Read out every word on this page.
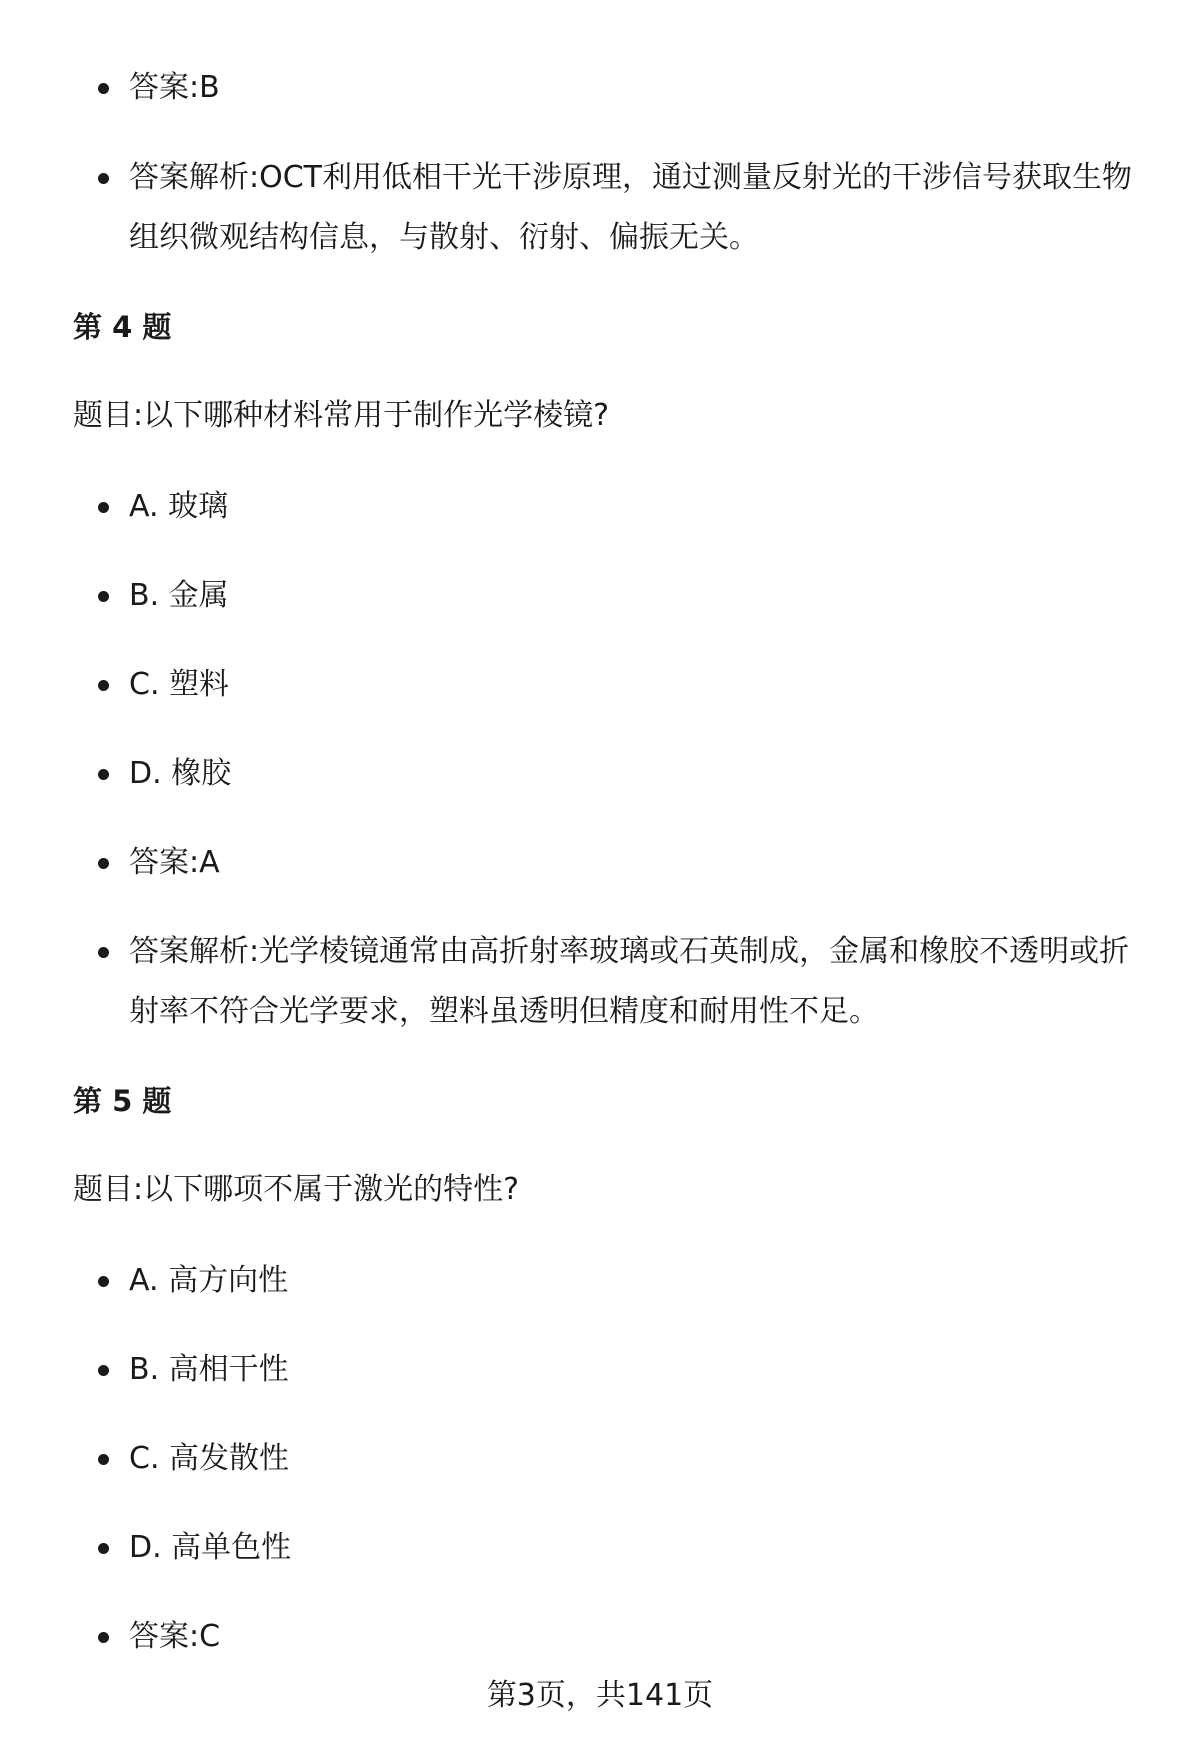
答案:B
答案解析:OCT利用低相干光干涉原理，通过测量反射光的干涉信号获取生物组织微观结构信息，与散射、衍射、偏振无关。
第 4 题
题目:以下哪种材料常用于制作光学棱镜?
A. 玻璃
B. 金属
C. 塑料
D. 橡胶
答案:A
答案解析:光学棱镜通常由高折射率玻璃或石英制成，金属和橡胶不透明或折射率不符合光学要求，塑料虽透明但精度和耐用性不足。
第 5 题
题目:以下哪项不属于激光的特性?
A. 高方向性
B. 高相干性
C. 高发散性
D. 高单色性
答案:C
第3页，共141页
